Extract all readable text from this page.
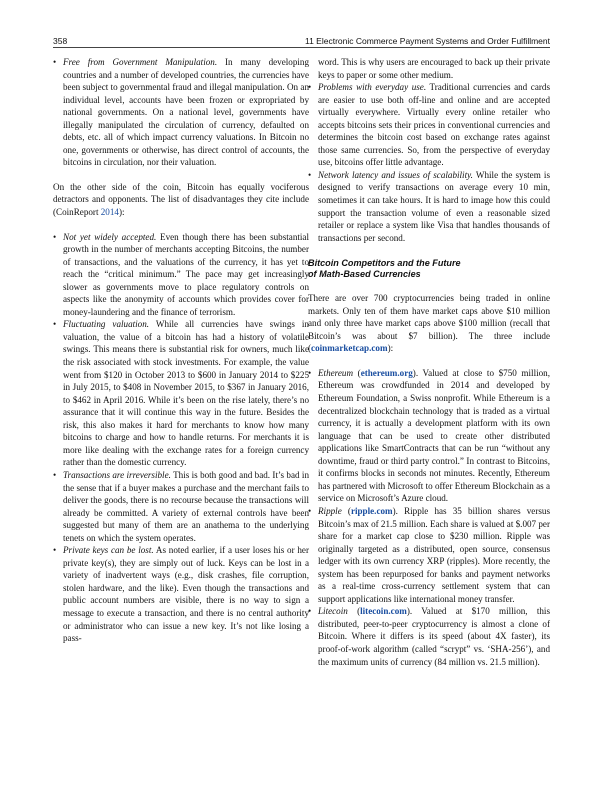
358	11 Electronic Commerce Payment Systems and Order Fulfillment
• Free from Government Manipulation. In many developing countries and a number of developed countries, the currencies have been subject to governmental fraud and illegal manipulation. On an individual level, accounts have been frozen or expropriated by national governments. On a national level, governments have illegally manipulated the circulation of currency, defaulted on debts, etc. all of which impact currency valuations. In Bitcoin no one, governments or otherwise, has direct control of accounts, the bitcoins in circulation, nor their valuation.

On the other side of the coin, Bitcoin has equally vociferous detractors and opponents. The list of disadvantages they cite include (CoinReport 2014):

• Not yet widely accepted. Even though there has been substantial growth in the number of merchants accepting Bitcoins, the number of transactions, and the valuations of the currency, it has yet to reach the “critical minimum.” The pace may get increasingly slower as governments move to place regulatory controls on aspects like the anonymity of accounts which provides cover for money-laundering and the finance of terrorism.
• Fluctuating valuation. While all currencies have swings in valuation, the value of a bitcoin has had a history of volatile swings. This means there is substantial risk for owners, much like the risk associated with stock investments. For example, the value went from $120 in October 2013 to $600 in January 2014 to $225 in July 2015, to $408 in November 2015, to $367 in January 2016, to $462 in April 2016. While it’s been on the rise lately, there’s no assurance that it will continue this way in the future. Besides the risk, this also makes it hard for merchants to know how many bitcoins to charge and how to handle returns. For merchants it is more like dealing with the exchange rates for a foreign currency rather than the domestic currency.
• Transactions are irreversible. This is both good and bad. It’s bad in the sense that if a buyer makes a purchase and the merchant fails to deliver the goods, there is no recourse because the transactions will already be committed. A variety of external controls have been suggested but many of them are an anathema to the underlying tenets on which the system operates.
• Private keys can be lost. As noted earlier, if a user loses his or her private key(s), they are simply out of luck. Keys can be lost in a variety of inadvertent ways (e.g., disk crashes, file corruption, stolen hardware, and the like). Even though the transactions and public account numbers are visible, there is no way to sign a message to execute a transaction, and there is no central authority or administrator who can issue a new key. It’s not like losing a pass-

word. This is why users are encouraged to back up their private keys to paper or some other medium.

• Problems with everyday use. Traditional currencies and cards are easier to use both off-line and online and are accepted virtually everywhere. Virtually every online retailer who accepts bitcoins sets their prices in conventional currencies and determines the bitcoin cost based on exchange rates against those same currencies. So, from the perspective of everyday use, bitcoins offer little advantage.
• Network latency and issues of scalability. While the system is designed to verify transactions on average every 10 min, sometimes it can take hours. It is hard to image how this could support the transaction volume of even a reasonable sized retailer or replace a system like Visa that handles thousands of transactions per second.
Bitcoin Competitors and the Future
of Math-Based Currencies

There are over 700 cryptocurrencies being traded in online markets. Only ten of them have market caps above $10 million and only three have market caps above $100 million (recall that Bitcoin’s was about $7 billion). The three include (coinmarketcap.com):

• Ethereum (ethereum.org). Valued at close to $750 million, Ethereum was crowdfunded in 2014 and developed by Ethereum Foundation, a Swiss nonprofit. While Ethereum is a decentralized blockchain technology that is traded as a virtual currency, it is actually a development platform with its own language that can be used to create other distributed applications like SmartContracts that can be run “without any downtime, fraud or third party control.” In contrast to Bitcoins, it confirms blocks in seconds not minutes. Recently, Ethereum has partnered with Microsoft to offer Ethereum Blockchain as a service on Microsoft’s Azure cloud.
• Ripple (ripple.com). Ripple has 35 billion shares versus Bitcoin’s max of 21.5 million. Each share is valued at $.007 per share for a market cap close to $230 million. Ripple was originally targeted as a distributed, open source, consensus ledger with its own currency XRP (ripples). More recently, the system has been repurposed for banks and payment networks as a real-time cross-currency settlement system that can support applications like international money transfer.
• Litecoin (litecoin.com). Valued at $170 million, this distributed, peer-to-peer cryptocurrency is almost a clone of Bitcoin. Where it differs is its speed (about 4X faster), its proof-of-work algorithm (called “scrypt” vs. ‘SHA-256’), and the maximum units of currency (84 million vs. 21.5 million).
